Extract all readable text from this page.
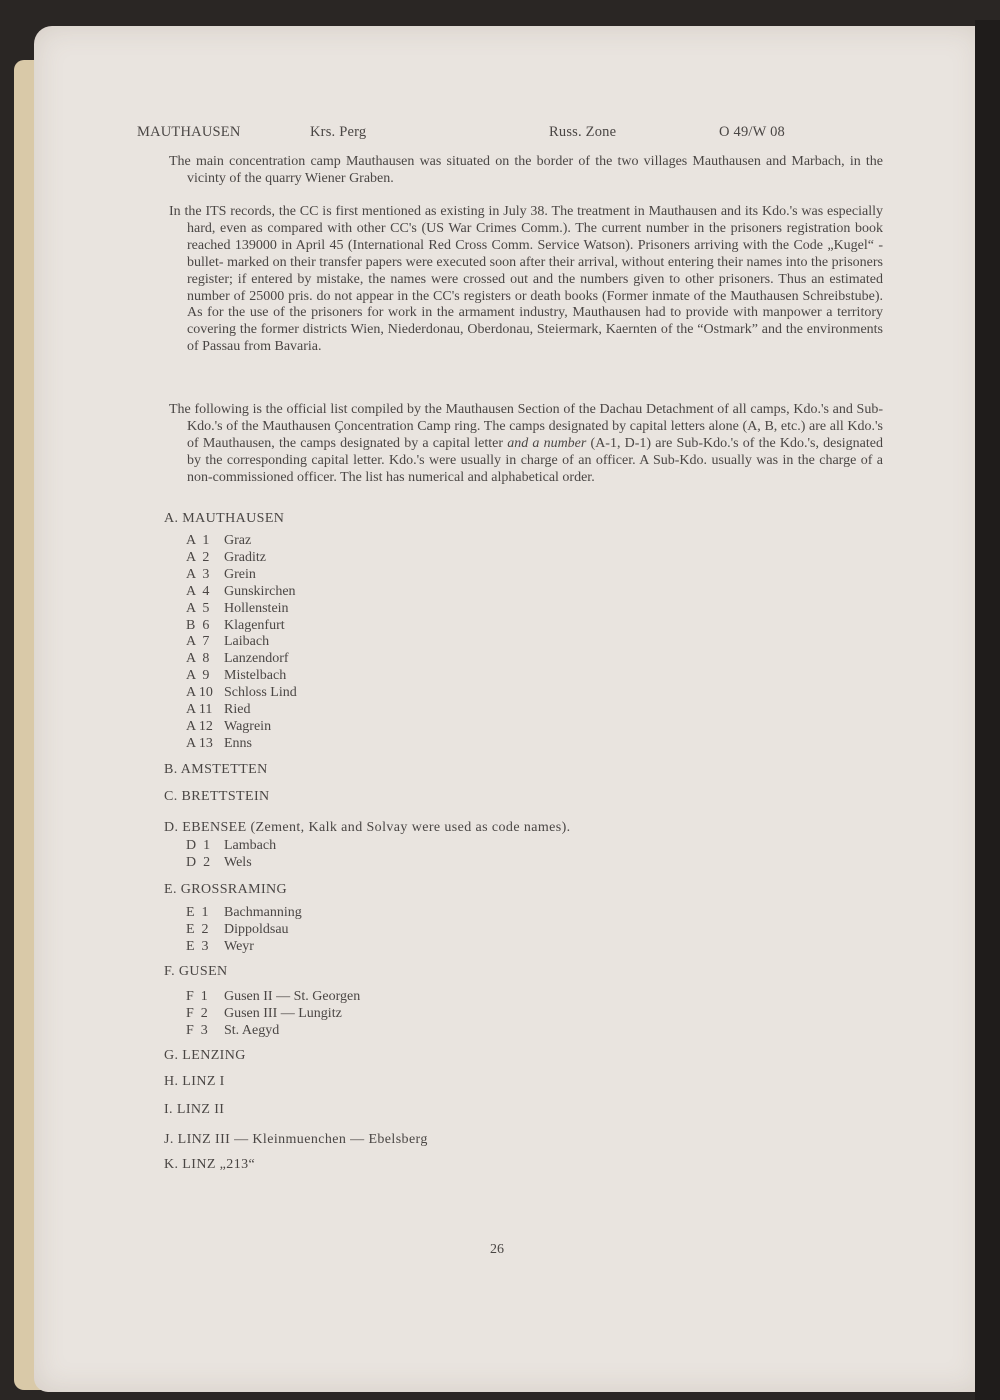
MAUTHAUSEN	Krs. Perg	Russ. Zone	O 49/W 08
The main concentration camp Mauthausen was situated on the border of the two villages Mauthausen and Marbach, in the vicinty of the quarry Wiener Graben.
In the ITS records, the CC is first mentioned as existing in July 38. The treatment in Mauthausen and its Kdo.'s was especially hard, even as compared with other CC's (US War Crimes Comm.). The current number in the prisoners registration book reached 139000 in April 45 (International Red Cross Comm. Service Watson). Prisoners arriving with the Code „Kugel“ -bullet- marked on their transfer papers were executed soon after their arrival, without entering their names into the prisoners register; if entered by mistake, the names were crossed out and the numbers given to other prisoners. Thus an estimated number of 25000 pris. do not appear in the CC's registers or death books (Former inmate of the Mauthausen Schreibstube). As for the use of the prisoners for work in the armament industry, Mauthausen had to provide with manpower a territory covering the former districts Wien, Niederdonau, Oberdonau, Steiermark, Kaernten of the “Ostmark” and the environments of Passau from Bavaria.
The following is the official list compiled by the Mauthausen Section of the Dachau Detachment of all camps, Kdo.'s and Sub-Kdo.'s of the Mauthausen Çoncentration Camp ring. The camps designated by capital letters alone (A, B, etc.) are all Kdo.'s of Mauthausen, the camps designated by a capital letter and a number (A-1, D-1) are Sub-Kdo.'s of the Kdo.'s, designated by the corresponding capital letter. Kdo.'s were usually in charge of an officer. A Sub-Kdo. usually was in the charge of a non-commissioned officer. The list has numerical and alphabetical order.
A. MAUTHAUSEN
A  1 Graz
A  2 Graditz
A  3 Grein
A  4 Gunskirchen
A  5 Hollenstein
B  6 Klagenfurt
A  7 Laibach
A  8 Lanzendorf
A  9 Mistelbach
A 10 Schloss Lind
A 11 Ried
A 12 Wagrein
A 13 Enns
B. AMSTETTEN
C. BRETTSTEIN
D. EBENSEE (Zement, Kalk and Solvay were used as code names).
D  1 Lambach
D  2 Wels
E. GROSSRAMING
E  1 Bachmanning
E  2 Dippoldsau
E  3 Weyr
F. GUSEN
F  1 Gusen II — St. Georgen
F  2 Gusen III — Lungitz
F  3 St. Aegyd
G. LENZING
H. LINZ I
I. LINZ II
J. LINZ III — Kleinmuenchen — Ebelsberg
K. LINZ „213“
26
